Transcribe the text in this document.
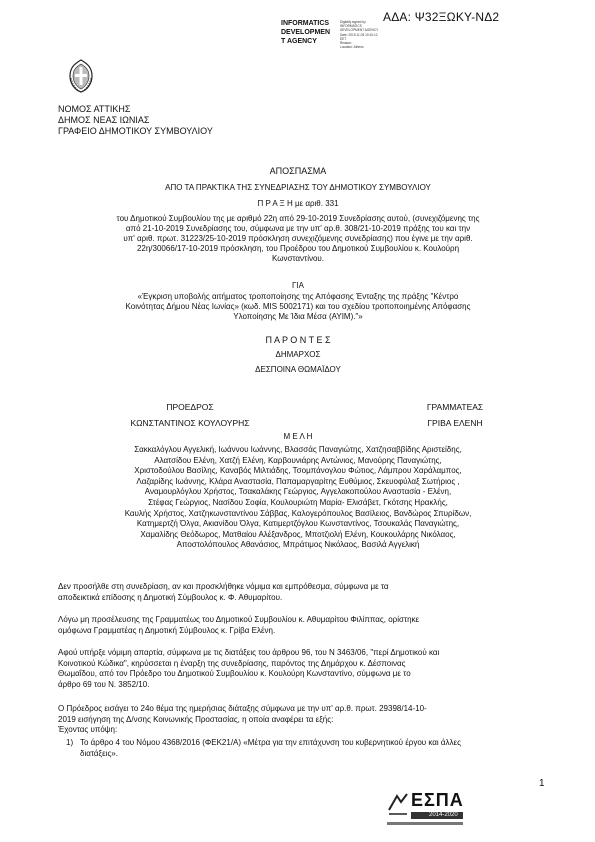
ΑΔΑ: Ψ32ΞΩΚΥ-ΝΔ2
INFORMATICS
DEVELOPMEN
T AGENCY
Digitally signed by
INFORMATICS
DEVELOPMENT AGENCY
Date: 2019.11.05 10:10:12
EET
Reason:
Location: Athens
ΝΟΜΟΣ ΑΤΤΙΚΗΣ
ΔΗΜΟΣ ΝΕΑΣ ΙΩΝΙΑΣ
ΓΡΑΦΕΙΟ ΔΗΜΟΤΙΚΟΥ ΣΥΜΒΟΥΛΙΟΥ
ΑΠΟΣΠΑΣΜΑ
ΑΠΟ ΤΑ ΠΡΑΚΤΙΚΑ ΤΗΣ ΣΥΝΕΔΡΙΑΣΗΣ ΤΟΥ ΔΗΜΟΤΙΚΟΥ ΣΥΜΒΟΥΛΙΟΥ
Π Ρ Α Ξ Η με αριθ. 331
του Δημοτικού Συμβουλίου της με αριθμό 22η από 29-10-2019 Συνεδρίασης αυτού, (συνεχιζόμενης της
από 21-10-2019 Συνεδρίασης του, σύμφωνα με την υπ' αρ.θ. 308/21-10-2019 πράξης του και την
υπ' αριθ. πρωτ. 31223/25-10-2019 πρόσκληση συνεχιζόμενης συνεδρίασης) που έγινε με την αριθ.
22η/30066/17-10-2019 πρόσκληση, του Προέδρου του Δημοτικού Συμβουλίου κ. Κουλούρη
Κωνσταντίνου.
ΓΙΑ
«Έγκριση υποβολής αιτήματος τροποποίησης της Απόφασης Ένταξης της πράξης "Κέντρο
Κοινότητας Δήμου Νέας Ιωνίας» (κωδ. MIS 5002171) και του σχεδίου τροποποιημένης Απόφασης
Υλοποίησης Με Ίδια Μέσα (ΑΥΙΜ)."»
Π Α Ρ Ο Ν Τ Ε Σ
ΔΗΜΑΡΧΟΣ
ΔΕΣΠΟΙΝΑ ΘΩΜΑΪΔΟΥ
ΠΡΟΕΔΡΟΣ	ΓΡΑΜΜΑΤΕΑΣ
ΚΩΝΣΤΑΝΤΙΝΟΣ ΚΟΥΛΟΥΡΗΣ	ΓΡΙΒΑ ΕΛΕΝΗ
Μ Ε Λ Η
Σακκαλόγλου Αγγελική, Ιωάννου Ιωάννης, Βλασσάς Παναγιώτης, Χατζησαββίδης Αριστείδης,
Αλατσίδου Ελένη, Χατζή Ελένη, Καρβουνιάρης Αντώνιος, Μανούρης Παναγιώτης,
Χριστοδούλου Βασίλης, Καναβός Μιλτιάδης, Τσομπάνογλου Φώτιος, Λάμπρου Χαράλαμπος,
Λαζαρίδης Ιωάννης, Κλάρα Αναστασία, Παπαμαργαρίτης Ευθύμιος, Σκευοφύλαξ Σωτήριος ,
Αναμουρλόγλου Χρήστος, Τσακαλάκης Γεώργιος, Αγγελακοπούλου Αναστασία - Ελένη,
Στέφας Γεώργιος, Νασίδου Σοφία, Κουλουριώτη Μαρία- Ελισάβετ, Γκότσης Ηρακλής,
Καυλής Χρήστος, Χατζηκωνσταντίνου Σάββας, Καλογερόπουλος Βασίλειος, Βανδώρος Σπυρίδων,
Κατημερτζή Όλγα, Ακιανίδου Όλγα, Κατιμερτζόγλου Κωνσταντίνος, Τσουκαλάς Παναγιώτης,
Χαμαλίδης Θεόδωρος, Ματθαίου Αλέξανδρος, Μποτζιολή Ελένη, Κουκουλάρης Νικόλαος,
Αποστολόπουλος Αθανάσιος, Μπράτιμος Νικόλαος, Βασιλά Αγγελική
Δεν προσήλθε στη συνεδρίαση, αν και προσκλήθηκε νόμιμα και εμπρόθεσμα, σύμφωνα με τα
αποδεικτικά επίδοσης η Δημοτική Σύμβουλος κ. Φ. Αθυμαρίτου.
Λόγω μη προσέλευσης της Γραμματέως του Δημοτικού Συμβουλίου κ. Αθυμαρίτου Φιλίππας, ορίστηκε
ομόφωνα Γραμματέας η Δημοτική Σύμβουλος κ. Γρίβα Ελένη.
Αφού υπήρξε νόμιμη απαρτία, σύμφωνα με τις διατάξεις του άρθρου 96, του Ν 3463/06, "περί Δημοτικού και
Κοινοτικού Κώδικα", κηρύσσεται η έναρξη της συνεδρίασης, παρόντος της Δημάρχου κ. Δέσποινας
Θωμαΐδου, από τον Πρόεδρο του Δημοτικού Συμβουλίου κ. Κουλούρη Κωνσταντίνο, σύμφωνα με το
άρθρο 69 του Ν. 3852/10.
Ο Πρόεδρος εισάγει το 24ο θέμα της ημερήσιας διάταξης σύμφωνα με την υπ' αρ.θ. πρωτ. 29398/14-10-
2019 εισήγηση της Δ/νσης Κοινωνικής Προστασίας, η οποία αναφέρει τα εξής:
Έχοντας υπόψη:
1) Το άρθρο 4 του Νόμου 4368/2016 (ΦΕΚ21/Α) «Μέτρα για την επιτάχυνση του κυβερνητικού έργου και άλλες διατάξεις».
1
ΕΣΠΑ
2014-2020
